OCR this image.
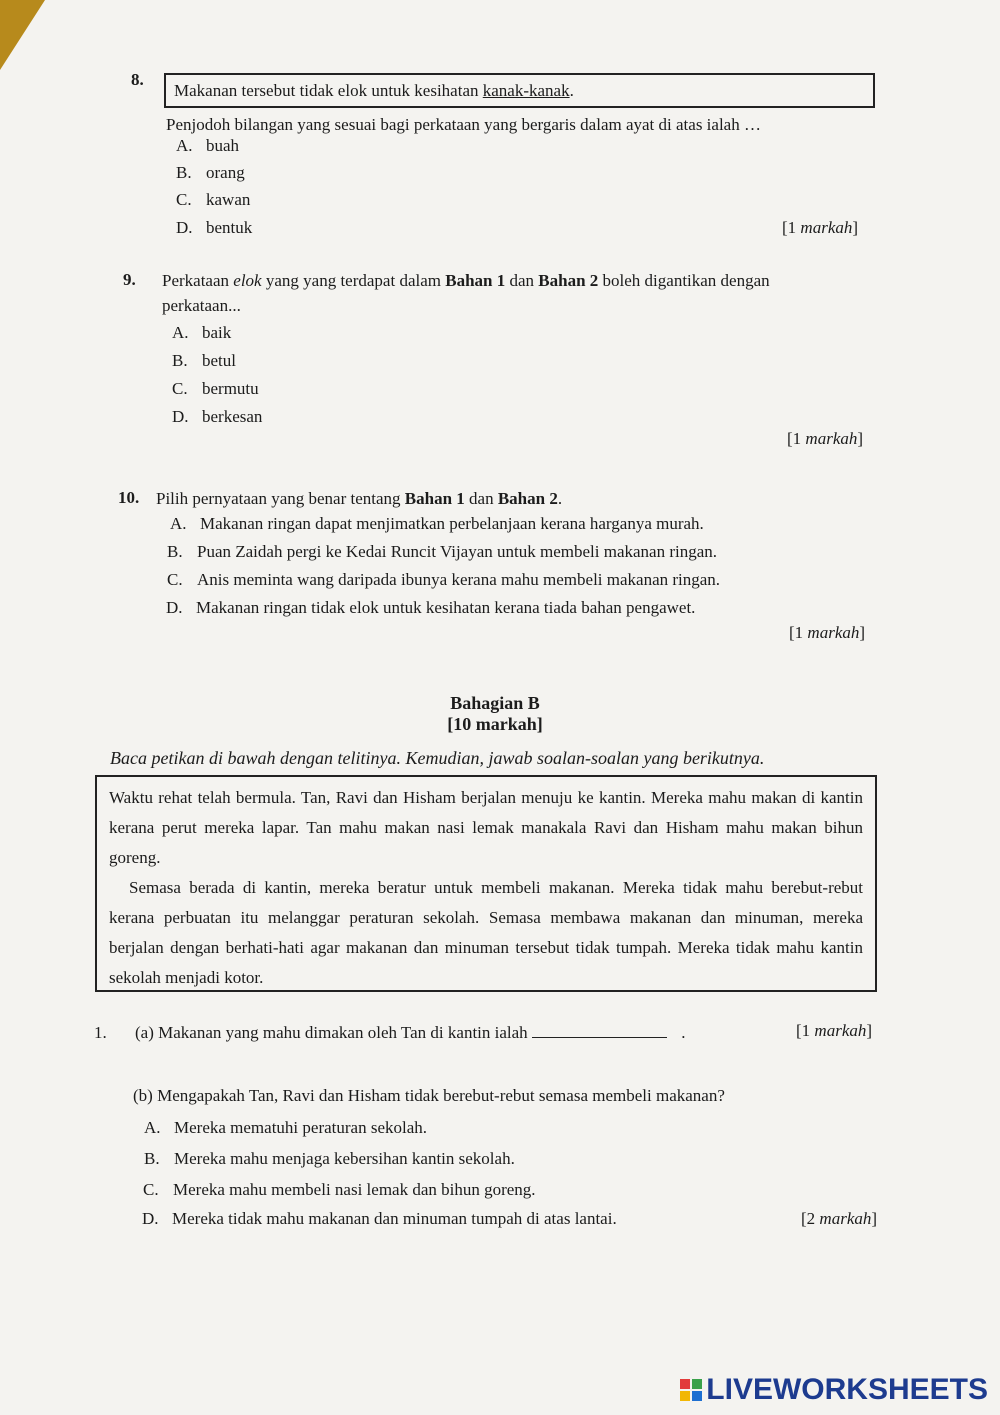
8.
Makanan tersebut tidak elok untuk kesihatan kanak-kanak.
Penjodoh bilangan yang sesuai bagi perkataan yang bergaris dalam ayat di atas ialah …
A. buah
B. orang
C. kawan
D. bentuk	[1 markah]
9. Perkataan elok yang yang terdapat dalam Bahan 1 dan Bahan 2 boleh digantikan dengan
perkataan...
A. baik
B. betul
C. bermutu
D. berkesan
[1 markah]
10. Pilih pernyataan yang benar tentang Bahan 1 dan Bahan 2.
A. Makanan ringan dapat menjimatkan perbelanjaan kerana harganya murah.
B. Puan Zaidah pergi ke Kedai Runcit Vijayan untuk membeli makanan ringan.
C. Anis meminta wang daripada ibunya kerana mahu membeli makanan ringan.
D. Makanan ringan tidak elok untuk kesihatan kerana tiada bahan pengawet.
[1 markah]
Bahagian B
[10 markah]
Baca petikan di bawah dengan telitinya. Kemudian, jawab soalan-soalan yang berikutnya.

Waktu rehat telah bermula. Tan, Ravi dan Hisham berjalan menuju ke kantin. Mereka mahu makan di kantin kerana perut mereka lapar. Tan mahu makan nasi lemak manakala Ravi dan Hisham mahu makan bihun goreng.

Semasa berada di kantin, mereka beratur untuk membeli makanan. Mereka tidak mahu berebut-rebut kerana perbuatan itu melanggar peraturan sekolah. Semasa membawa makanan dan minuman, mereka berjalan dengan berhati-hati agar makanan dan minuman tersebut tidak tumpah. Mereka tidak mahu kantin sekolah menjadi kotor.

1. (a) Makanan yang mahu dimakan oleh Tan di kantin ialah	.	[1 markah]
(b) Mengapakah Tan, Ravi dan Hisham tidak berebut-rebut semasa membeli makanan?
A. Mereka mematuhi peraturan sekolah.
B. Mereka mahu menjaga kebersihan kantin sekolah.
C. Mereka mahu membeli nasi lemak dan bihun goreng.
D. Mereka tidak mahu makanan dan minuman tumpah di atas lantai.	[2 markah]
LIVEWORKSHEETS
